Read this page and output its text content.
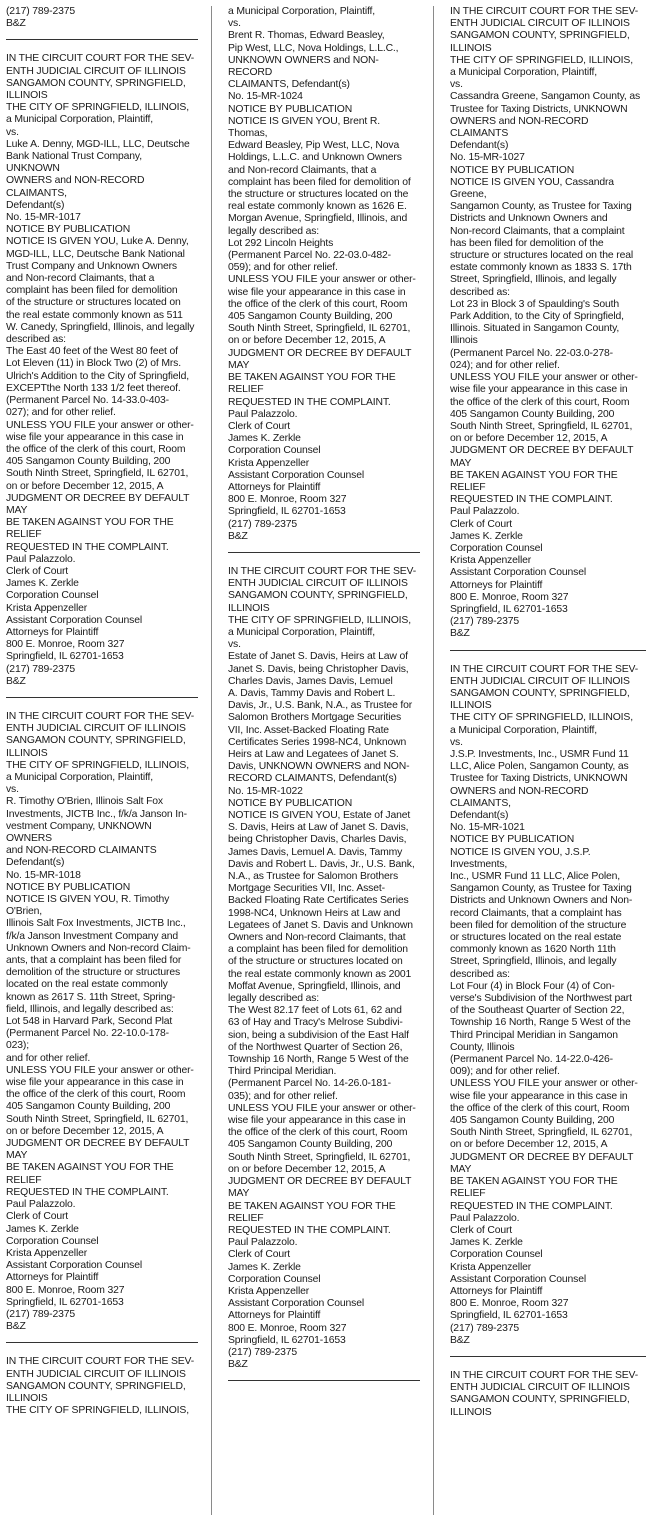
(217) 789-2375
B&Z

IN THE CIRCUIT COURT FOR THE SEV-
ENTH JUDICIAL CIRCUIT OF ILLINOIS
SANGAMON COUNTY, SPRINGFIELD,
ILLINOIS
THE CITY OF SPRINGFIELD, ILLINOIS,
a Municipal Corporation, Plaintiff,
vs.
Luke A. Denny, MGD-ILL, LLC, Deutsche
Bank National Trust Company, UNKNOWN
OWNERS and NON-RECORD CLAIMANTS,
Defendant(s)
No. 15-MR-1017
NOTICE BY PUBLICATION
NOTICE IS GIVEN YOU, Luke A. Denny,
MGD-ILL, LLC, Deutsche Bank National
Trust Company and Unknown Owners
and Non-record Claimants, that a
complaint has been filed for demolition
of the structure or structures located on
the real estate commonly known as 511
W. Canedy, Springfield, Illinois, and legally
described as:
The East 40 feet of the West 80 feet of
Lot Eleven (11) in Block Two (2) of Mrs.
Ulrich's Addition to the City of Springfield,
EXCEPTthe North 133 1/2 feet thereof.
(Permanent Parcel No. 14-33.0-403-
027); and for other relief.
UNLESS YOU FILE your answer or other-
wise file your appearance in this case in
the office of the clerk of this court, Room
405 Sangamon County Building, 200
South Ninth Street, Springfield, IL 62701,
on or before December 12, 2015, A
JUDGMENT OR DECREE BY DEFAULT MAY
BE TAKEN AGAINST YOU FOR THE RELIEF
REQUESTED IN THE COMPLAINT.
Paul Palazzolo.
Clerk of Court
James K. Zerkle
Corporation Counsel
Krista Appenzeller
Assistant Corporation Counsel
Attorneys for Plaintiff
800 E. Monroe, Room 327
Springfield, IL 62701-1653
(217) 789-2375
B&Z

IN THE CIRCUIT COURT FOR THE SEV-
ENTH JUDICIAL CIRCUIT OF ILLINOIS
SANGAMON COUNTY, SPRINGFIELD,
ILLINOIS
THE CITY OF SPRINGFIELD, ILLINOIS,
a Municipal Corporation, Plaintiff,
vs.
R. Timothy O'Brien, Illinois Salt Fox
Investments, JICTB Inc., f/k/a Janson In-
vestment Company, UNKNOWN OWNERS
and NON-RECORD CLAIMANTS
Defendant(s)
No. 15-MR-1018
NOTICE BY PUBLICATION
NOTICE IS GIVEN YOU, R. Timothy O'Brien,
Illinois Salt Fox Investments, JICTB Inc.,
f/k/a Janson Investment Company and
Unknown Owners and Non-record Claim-
ants, that a complaint has been filed for
demolition of the structure or structures
located on the real estate commonly
known as 2617 S. 11th Street, Spring-
field, Illinois, and legally described as:
Lot 548 in Harvard Park, Second Plat
(Permanent Parcel No. 22-10.0-178-
023);
and for other relief.
UNLESS YOU FILE your answer or other-
wise file your appearance in this case in
the office of the clerk of this court, Room
405 Sangamon County Building, 200
South Ninth Street, Springfield, IL 62701,
on or before December 12, 2015, A
JUDGMENT OR DECREE BY DEFAULT MAY
BE TAKEN AGAINST YOU FOR THE RELIEF
REQUESTED IN THE COMPLAINT.
Paul Palazzolo.
Clerk of Court
James K. Zerkle
Corporation Counsel
Krista Appenzeller
Assistant Corporation Counsel
Attorneys for Plaintiff
800 E. Monroe, Room 327
Springfield, IL 62701-1653
(217) 789-2375
B&Z

IN THE CIRCUIT COURT FOR THE SEV-
ENTH JUDICIAL CIRCUIT OF ILLINOIS
SANGAMON COUNTY, SPRINGFIELD,
ILLINOIS
THE CITY OF SPRINGFIELD, ILLINOIS,

a Municipal Corporation, Plaintiff,
vs.
Brent R. Thomas, Edward Beasley,
Pip West, LLC, Nova Holdings, L.L.C.,
UNKNOWN OWNERS and NON-RECORD
CLAIMANTS, Defendant(s)
No. 15-MR-1024
NOTICE BY PUBLICATION
NOTICE IS GIVEN YOU, Brent R. Thomas,
Edward Beasley, Pip West, LLC, Nova
Holdings, L.L.C. and Unknown Owners
and Non-record Claimants, that a
complaint has been filed for demolition of
the structure or structures located on the
real estate commonly known as 1626 E.
Morgan Avenue, Springfield, Illinois, and
legally described as:
Lot 292 Lincoln Heights
(Permanent Parcel No. 22-03.0-482-
059); and for other relief.
UNLESS YOU FILE your answer or other-
wise file your appearance in this case in
the office of the clerk of this court, Room
405 Sangamon County Building, 200
South Ninth Street, Springfield, IL 62701,
on or before December 12, 2015, A
JUDGMENT OR DECREE BY DEFAULT MAY
BE TAKEN AGAINST YOU FOR THE RELIEF
REQUESTED IN THE COMPLAINT.
Paul Palazzolo.
Clerk of Court
James K. Zerkle
Corporation Counsel
Krista Appenzeller
Assistant Corporation Counsel
Attorneys for Plaintiff
800 E. Monroe, Room 327
Springfield, IL 62701-1653
(217) 789-2375
B&Z

IN THE CIRCUIT COURT FOR THE SEV-
ENTH JUDICIAL CIRCUIT OF ILLINOIS
SANGAMON COUNTY, SPRINGFIELD,
ILLINOIS
THE CITY OF SPRINGFIELD, ILLINOIS,
a Municipal Corporation, Plaintiff,
vs.
Estate of Janet S. Davis, Heirs at Law of
Janet S. Davis, being Christopher Davis,
Charles Davis, James Davis, Lemuel
A. Davis, Tammy Davis and Robert L.
Davis, Jr., U.S. Bank, N.A., as Trustee for
Salomon Brothers Mortgage Securities
VII, Inc. Asset-Backed Floating Rate
Certificates Series 1998-NC4, Unknown
Heirs at Law and Legatees of Janet S.
Davis, UNKNOWN OWNERS and NON-
RECORD CLAIMANTS, Defendant(s)
No. 15-MR-1022
NOTICE BY PUBLICATION
NOTICE IS GIVEN YOU, Estate of Janet
S. Davis, Heirs at Law of Janet S. Davis,
being Christopher Davis, Charles Davis,
James Davis, Lemuel A. Davis, Tammy
Davis and Robert L. Davis, Jr., U.S. Bank,
N.A., as Trustee for Salomon Brothers
Mortgage Securities VII, Inc. Asset-
Backed Floating Rate Certificates Series
1998-NC4, Unknown Heirs at Law and
Legatees of Janet S. Davis and Unknown
Owners and Non-record Claimants, that
a complaint has been filed for demolition
of the structure or structures located on
the real estate commonly known as 2001
Moffat Avenue, Springfield, Illinois, and
legally described as:
The West 82.17 feet of Lots 61, 62 and
63 of Hay and Tracy's Melrose Subdivi-
sion, being a subdivision of the East Half
of the Northwest Quarter of Section 26,
Township 16 North, Range 5 West of the
Third Principal Meridian.
(Permanent Parcel No. 14-26.0-181-
035); and for other relief.
UNLESS YOU FILE your answer or other-
wise file your appearance in this case in
the office of the clerk of this court, Room
405 Sangamon County Building, 200
South Ninth Street, Springfield, IL 62701,
on or before December 12, 2015, A
JUDGMENT OR DECREE BY DEFAULT MAY
BE TAKEN AGAINST YOU FOR THE RELIEF
REQUESTED IN THE COMPLAINT.
Paul Palazzolo.
Clerk of Court
James K. Zerkle
Corporation Counsel
Krista Appenzeller
Assistant Corporation Counsel
Attorneys for Plaintiff
800 E. Monroe, Room 327
Springfield, IL 62701-1653
(217) 789-2375
B&Z

IN THE CIRCUIT COURT FOR THE SEV-
ENTH JUDICIAL CIRCUIT OF ILLINOIS
SANGAMON COUNTY, SPRINGFIELD,
ILLINOIS
THE CITY OF SPRINGFIELD, ILLINOIS,
a Municipal Corporation, Plaintiff,
vs.
Cassandra Greene, Sangamon County, as
Trustee for Taxing Districts, UNKNOWN
OWNERS and NON-RECORD CLAIMANTS
Defendant(s)
No. 15-MR-1027
NOTICE BY PUBLICATION
NOTICE IS GIVEN YOU, Cassandra Greene,
Sangamon County, as Trustee for Taxing
Districts and Unknown Owners and
Non-record Claimants, that a complaint
has been filed for demolition of the
structure or structures located on the real
estate commonly known as 1833 S. 17th
Street, Springfield, Illinois, and legally
described as:
Lot 23 in Block 3 of Spaulding's South
Park Addition, to the City of Springfield,
Illinois. Situated in Sangamon County,
Illinois
(Permanent Parcel No. 22-03.0-278-
024); and for other relief.
UNLESS YOU FILE your answer or other-
wise file your appearance in this case in
the office of the clerk of this court, Room
405 Sangamon County Building, 200
South Ninth Street, Springfield, IL 62701,
on or before December 12, 2015, A
JUDGMENT OR DECREE BY DEFAULT MAY
BE TAKEN AGAINST YOU FOR THE RELIEF
REQUESTED IN THE COMPLAINT.
Paul Palazzolo.
Clerk of Court
James K. Zerkle
Corporation Counsel
Krista Appenzeller
Assistant Corporation Counsel
Attorneys for Plaintiff
800 E. Monroe, Room 327
Springfield, IL 62701-1653
(217) 789-2375
B&Z

IN THE CIRCUIT COURT FOR THE SEV-
ENTH JUDICIAL CIRCUIT OF ILLINOIS
SANGAMON COUNTY, SPRINGFIELD,
ILLINOIS
THE CITY OF SPRINGFIELD, ILLINOIS,
a Municipal Corporation, Plaintiff,
vs.
J.S.P. Investments, Inc., USMR Fund 11
LLC, Alice Polen, Sangamon County, as
Trustee for Taxing Districts, UNKNOWN
OWNERS and NON-RECORD CLAIMANTS,
Defendant(s)
No. 15-MR-1021
NOTICE BY PUBLICATION
NOTICE IS GIVEN YOU, J.S.P. Investments,
Inc., USMR Fund 11 LLC, Alice Polen,
Sangamon County, as Trustee for Taxing
Districts and Unknown Owners and Non-
record Claimants, that a complaint has
been filed for demolition of the structure
or structures located on the real estate
commonly known as 1620 North 11th
Street, Springfield, Illinois, and legally
described as:
Lot Four (4) in Block Four (4) of Con-
verse's Subdivision of the Northwest part
of the Southeast Quarter of Section 22,
Township 16 North, Range 5 West of the
Third Principal Meridian in Sangamon
County, Illinois
(Permanent Parcel No. 14-22.0-426-
009); and for other relief.
UNLESS YOU FILE your answer or other-
wise file your appearance in this case in
the office of the clerk of this court, Room
405 Sangamon County Building, 200
South Ninth Street, Springfield, IL 62701,
on or before December 12, 2015, A
JUDGMENT OR DECREE BY DEFAULT MAY
BE TAKEN AGAINST YOU FOR THE RELIEF
REQUESTED IN THE COMPLAINT.
Paul Palazzolo.
Clerk of Court
James K. Zerkle
Corporation Counsel
Krista Appenzeller
Assistant Corporation Counsel
Attorneys for Plaintiff
800 E. Monroe, Room 327
Springfield, IL 62701-1653
(217) 789-2375
B&Z

IN THE CIRCUIT COURT FOR THE SEV-
ENTH JUDICIAL CIRCUIT OF ILLINOIS
SANGAMON COUNTY, SPRINGFIELD,
ILLINOIS
